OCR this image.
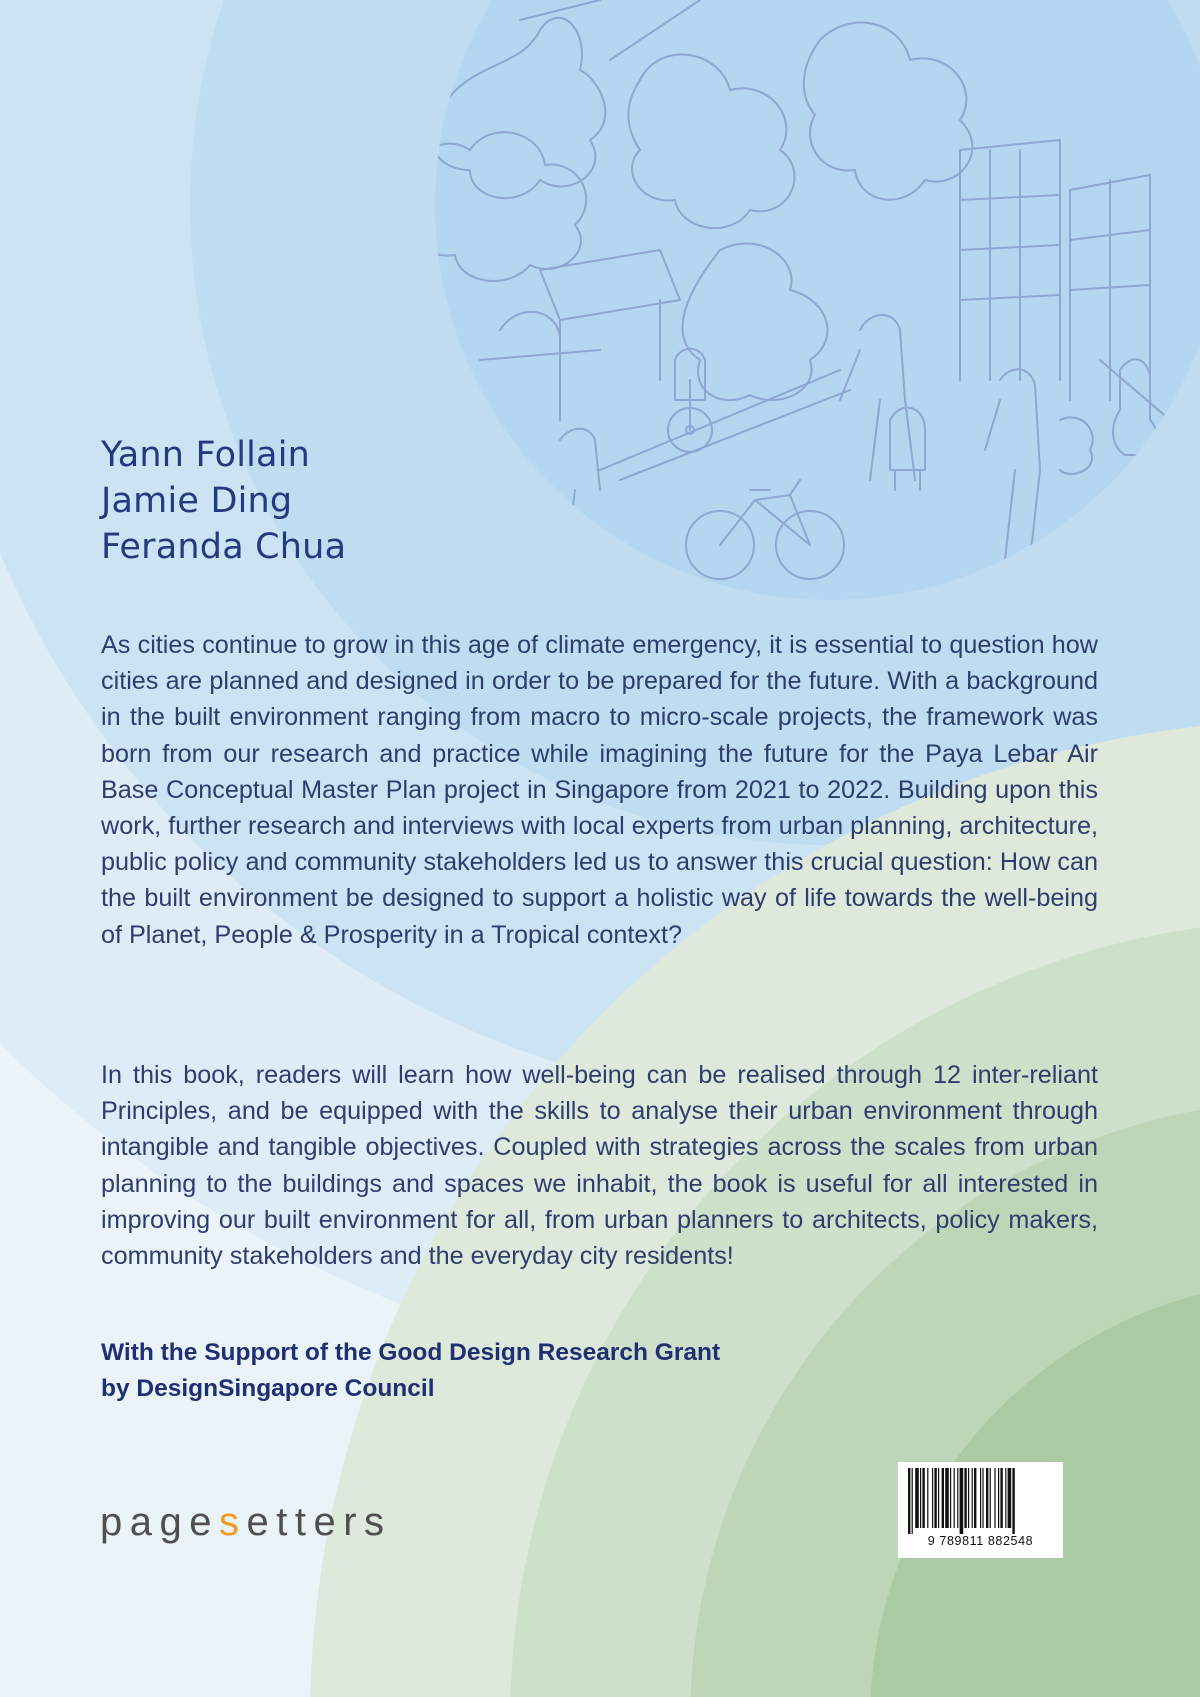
Yann Follain
Jamie Ding
Feranda Chua

As cities continue to grow in this age of climate emergency, it is essential to question how cities are planned and designed in order to be prepared for the future. With a background in the built environment ranging from macro to micro-scale projects, the framework was born from our research and practice while imagining the future for the Paya Lebar Air Base Conceptual Master Plan project in Singapore from 2021 to 2022. Building upon this work, further research and interviews with local experts from urban planning, architecture, public policy and community stakeholders led us to answer this crucial question: How can the built environment be designed to support a holistic way of life towards the well-being of Planet, People & Prosperity in a Tropical context?

In this book, readers will learn how well-being can be realised through 12 inter-reliant Principles, and be equipped with the skills to analyse their urban environment through intangible and tangible objectives. Coupled with strategies across the scales from urban planning to the buildings and spaces we inhabit, the book is useful for all interested in improving our built environment for all, from urban planners to architects, policy makers, community stakeholders and the everyday city residents!

With the Support of the Good Design Research Grant
by DesignSingapore Council
pagesetters	9 789811 882548
